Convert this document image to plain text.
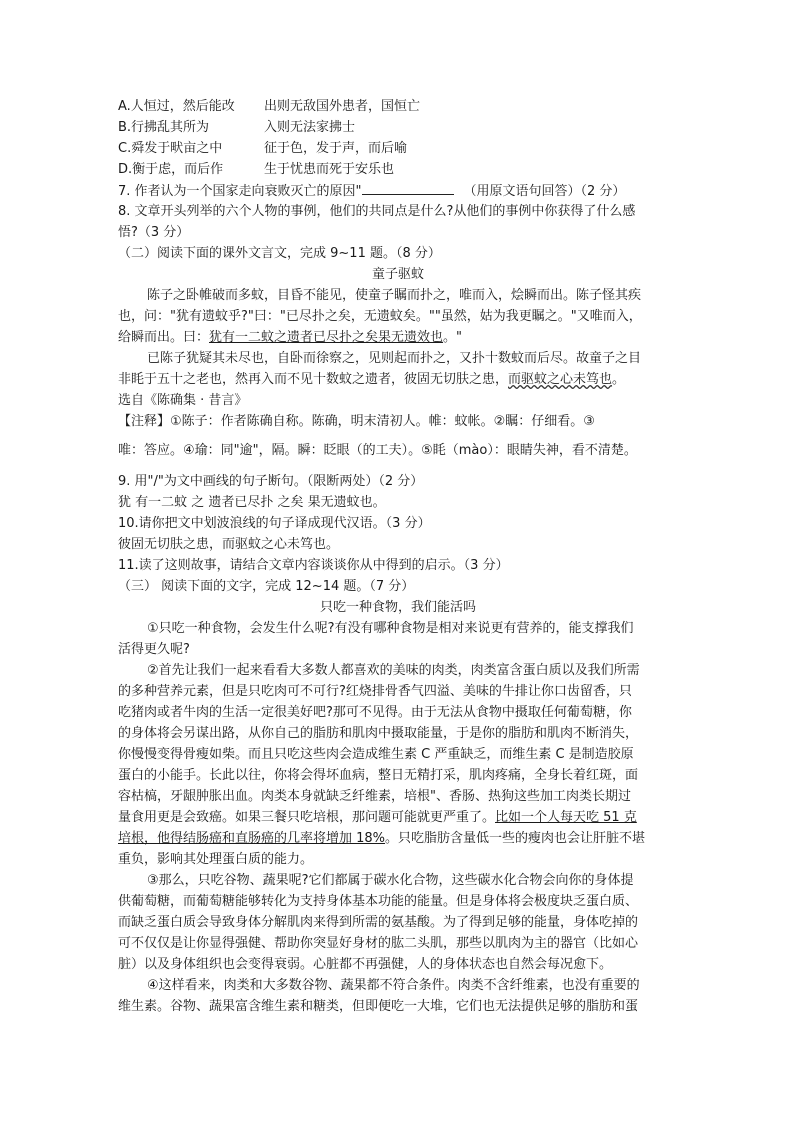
A.人恒过，然后能改 出则无敌国外患者，国恒亡
B.行拂乱其所为	入则无法家拂士
C.舜发于畎亩之中	征于色，发于声，而后喻
D.衡于虑，而后作	生于忧患而死于安乐也
7. 作者认为一个国家走向衰败灭亡的原因"	（用原文语句回答）（2 分）
8. 文章开头列举的六个人物的事例，他们的共同点是什么?从他们的事例中你获得了什么感
悟?（3 分）
（二）阅读下面的课外文言文，完成 9~11 题。（8 分）
童子驱蚊
陈子之卧帷破而多蚊，目昏不能见，使童子瞩而扑之，唯而入，烩瞬而出。陈子怪其疾
也，问："犹有遗蚊乎?"曰："已尽扑之矣，无遗蚊矣。""虽然，姑为我更瞩之。"又唯而入，
给瞬而出。曰：犹有一二蚊之遗者已尽扑之矣果无遗效也。"
已陈子犹疑其未尽也，自卧而徐察之，见则起而扑之，又扑十数蚊而后尽。故童子之目
非眊于五十之老也，然再入而不见十数蚊之遗者，彼固无切肤之患，而驱蚊之心未笃也。
选自《陈确集 · 昔言》
【注释】①陈子：作者陈确自称。陈确，明末清初人。帷：蚊帐。②瞩：仔细看。③
唯：答应。④瑜：同"逾"，隔。瞬：眨眼（的工夫）。⑤眊（mào）：眼睛失神，看不清楚。
9. 用"/"为文中画线的句子断句。（限断两处）（2 分）
犹 有一二蚊 之 遗者已尽扑 之矣 果无遗蚊也。
10.请你把文中划波浪线的句子译成现代汉语。（3 分）
彼固无切肤之患，而驱蚊之心未笃也。
11.读了这则故事，请结合文章内容谈谈你从中得到的启示。（3 分）
（三） 阅读下面的文字，完成 12~14 题。（7 分）
只吃一种食物，我们能活吗
①只吃一种食物，会发生什么呢?有没有哪种食物是相对来说更有营养的，能支撑我们
活得更久呢?
②首先让我们一起来看看大多数人都喜欢的美味的肉类，肉类富含蛋白质以及我们所需
的多种营养元素，但是只吃肉可不可行?红烧排骨香气四溢、美味的牛排让你口齿留香，只
吃猪肉或者牛肉的生活一定很美好吧?那可不见得。由于无法从食物中摄取任何葡萄糖，你
的身体将会另谋出路，从你自己的脂肪和肌肉中摄取能量，于是你的脂肪和肌肉不断消失，
你慢慢变得骨瘦如柴。而且只吃这些肉会造成维生素 C 严重缺乏，而维生素 C 是制造胶原
蛋白的小能手。长此以往，你将会得坏血病，整日无精打采，肌肉疼痛，全身长着红斑，面
容枯槁，牙龈肿胀出血。肉类本身就缺乏纤维素，培根"、香肠、热狗这些加工肉类长期过
量食用更是会致癌。如果三餐只吃培根，那问题可能就更严重了。比如一个人每天吃 51 克
培根，他得结肠癌和直肠癌的几率将增加 18%。只吃脂肪含量低一些的瘦肉也会让肝脏不堪
重负，影响其处理蛋白质的能力。
③那么，只吃谷物、蔬果呢?它们都属于碳水化合物，这些碳水化合物会向你的身体提
供葡萄糖，而葡萄糖能够转化为支持身体基本功能的能量。但是身体将会极度块乏蛋白质、
而缺乏蛋白质会导致身体分解肌肉来得到所需的氨基酸。为了得到足够的能量，身体吃掉的
可不仅仅是让你显得强健、帮助你突显好身材的肱二头肌，那些以肌肉为主的器官（比如心
脏）以及身体组织也会变得衰弱。心脏都不再强健，人的身体状态也自然会每况愈下。
④这样看来，肉类和大多数谷物、蔬果都不符合条件。肉类不含纤维素，也没有重要的
维生素。谷物、蔬果富含维生素和糖类，但即便吃一大堆，它们也无法提供足够的脂肪和蛋
